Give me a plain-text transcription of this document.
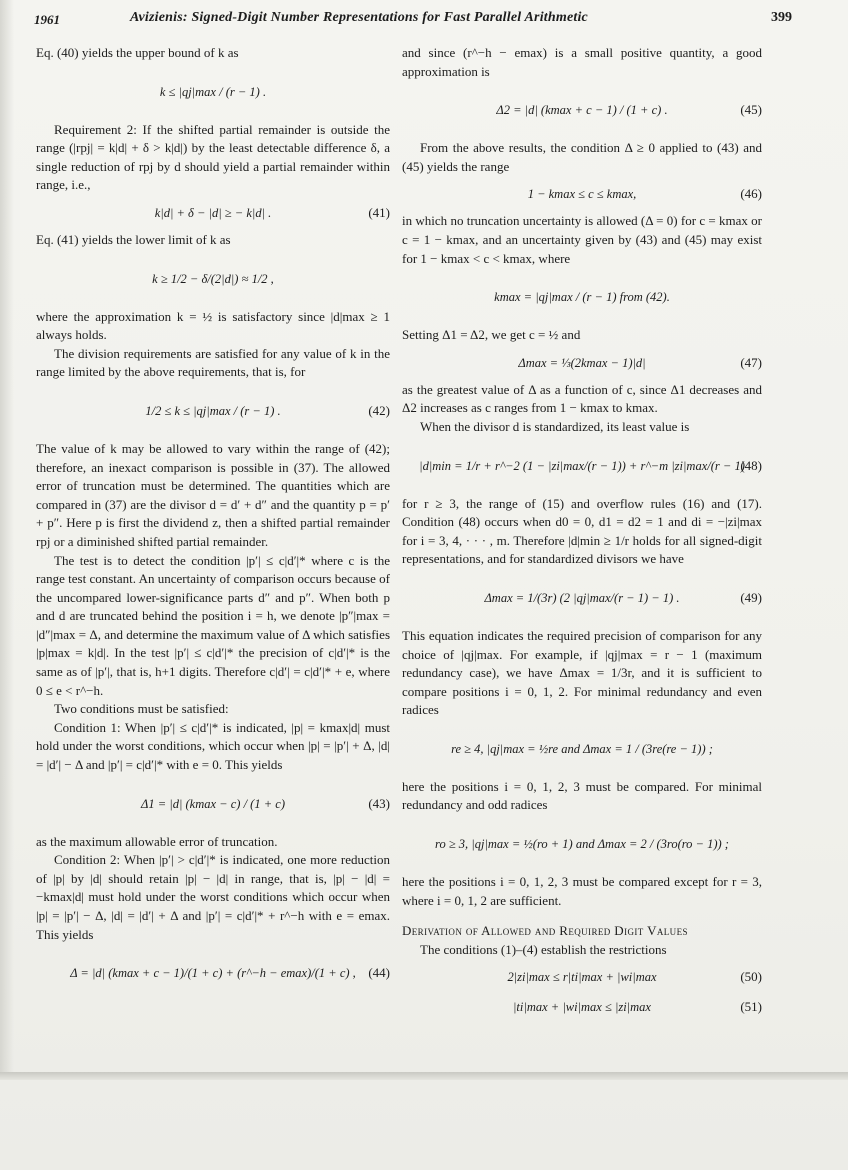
1961	Avizienis: Signed-Digit Number Representations for Fast Parallel Arithmetic	399
Eq. (40) yields the upper bound of k as
k ≤ |qj|max / (r − 1) .
Requirement 2: If the shifted partial remainder is outside the range (|rpj| = k|d| + δ > k|d|) by the least detectable difference δ, a single reduction of rpj by d should yield a partial remainder within range, i.e.,
k|d| + δ − |d| ≥ − k|d| .	(41)
Eq. (41) yields the lower limit of k as
k ≥ 1/2 − δ/(2|d|) ≈ 1/2 ,
where the approximation k = ½ is satisfactory since |d|max ≥ 1 always holds.
The division requirements are satisfied for any value of k in the range limited by the above requirements, that is, for
1/2 ≤ k ≤ |qj|max / (r − 1) .	(42)
The value of k may be allowed to vary within the range of (42); therefore, an inexact comparison is possible in (37). The allowed error of truncation must be determined. The quantities which are compared in (37) are the divisor d = d′ + d″ and the quantity p = p′ + p″. Here p is first the dividend z, then a shifted partial remainder rpj or a diminished shifted partial remainder.
The test is to detect the condition |p′| ≤ c|d′|* where c is the range test constant. An uncertainty of comparison occurs because of the uncompared lower-significance parts d″ and p″. When both p and d are truncated behind the position i = h, we denote |p″|max = |d″|max = Δ, and determine the maximum value of Δ which satisfies |p|max = k|d|. In the test |p′| ≤ c|d′|* the precision of c|d′|* is the same as of |p′|, that is, h+1 digits. Therefore c|d′| = c|d′|* + e, where 0 ≤ e < r^−h.
Two conditions must be satisfied:
Condition 1: When |p′| ≤ c|d′|* is indicated, |p| = kmax|d| must hold under the worst conditions, which occur when |p| = |p′| + Δ, |d| = |d′| − Δ and |p′| = c|d′|* with e = 0. This yields
Δ1 = |d| (kmax − c) / (1 + c)	(43)
as the maximum allowable error of truncation.
Condition 2: When |p′| > c|d′|* is indicated, one more reduction of |p| by |d| should retain |p| − |d| in range, that is, |p| − |d| = −kmax|d| must hold under the worst conditions which occur when |p| = |p′| − Δ, |d| = |d′| + Δ and |p′| = c|d′|* + r^−h with e = emax. This yields
Δ = |d| (kmax + c − 1)/(1 + c) + (r^−h − emax)/(1 + c) , (44)
and since (r^−h − emax) is a small positive quantity, a good approximation is
Δ2 = |d| (kmax + c − 1) / (1 + c) .	(45)
From the above results, the condition Δ ≥ 0 applied to (43) and (45) yields the range
1 − kmax ≤ c ≤ kmax,	(46)
in which no truncation uncertainty is allowed (Δ = 0) for c = kmax or c = 1 − kmax, and an uncertainty given by (43) and (45) may exist for 1 − kmax < c < kmax, where
kmax = |qj|max / (r − 1) from (42).
Setting Δ1 = Δ2, we get c = ½ and
Δmax = ⅓(2kmax − 1)|d|	(47)
as the greatest value of Δ as a function of c, since Δ1 decreases and Δ2 increases as c ranges from 1 − kmax to kmax.
When the divisor d is standardized, its least value is
|d|min = 1/r + r^−2 (1 − |zi|max/(r − 1)) + r^−m |zi|max/(r − 1)
(48)
for r ≥ 3, the range of (15) and overflow rules (16) and (17). Condition (48) occurs when d0 = 0, d1 = d2 = 1 and di = −|zi|max for i = 3, 4, · · · , m. Therefore |d|min ≥ 1/r holds for all signed-digit representations, and for standardized divisors we have
Δmax = 1/(3r) (2 |qj|max/(r − 1) − 1) .	(49)
This equation indicates the required precision of comparison for any choice of |qj|max. For example, if |qj|max = r − 1 (maximum redundancy case), we have Δmax = 1/3r, and it is sufficient to compare positions i = 0, 1, 2. For minimal redundancy and even radices
re ≥ 4, |qj|max = ½re and Δmax = 1 / (3re(re − 1)) ;
here the positions i = 0, 1, 2, 3 must be compared. For minimal redundancy and odd radices
ro ≥ 3, |qj|max = ½(ro + 1) and Δmax = 2 / (3ro(ro − 1)) ;
here the positions i = 0, 1, 2, 3 must be compared except for r = 3, where i = 0, 1, 2 are sufficient.
Derivation of Allowed and Required Digit Values
The conditions (1)–(4) establish the restrictions
2|zi|max ≤ r|ti|max + |wi|max	(50)
|ti|max + |wi|max ≤ |zi|max	(51)
